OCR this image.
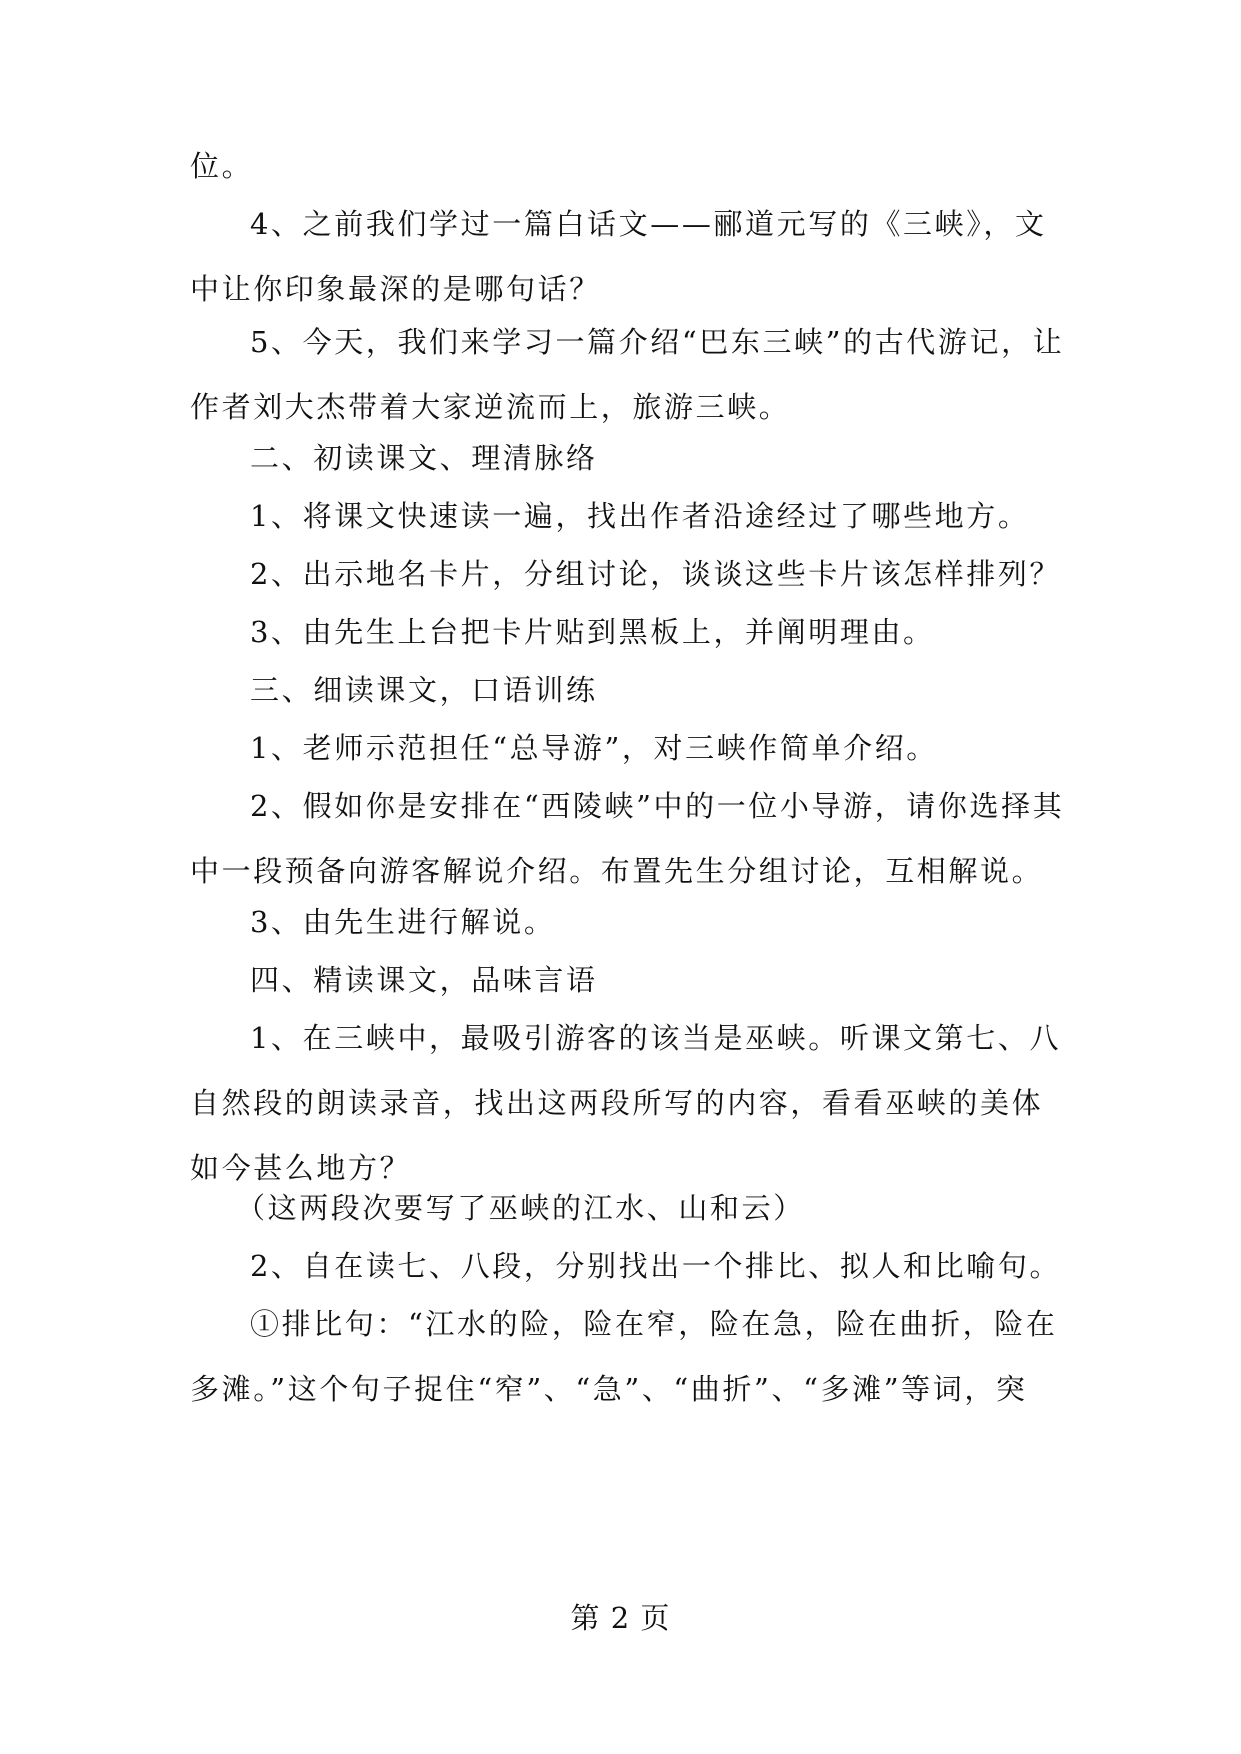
位。

4、之前我们学过一篇白话文——郦道元写的《三峡》，文中让你印象最深的是哪句话？

5、今天，我们来学习一篇介绍“巴东三峡”的古代游记，让作者刘大杰带着大家逆流而上，旅游三峡。

二、初读课文、理清脉络

1、将课文快速读一遍，找出作者沿途经过了哪些地方。

2、出示地名卡片，分组讨论，谈谈这些卡片该怎样排列？

3、由先生上台把卡片贴到黑板上，并阐明理由。

三、细读课文，口语训练

1、老师示范担任“总导游”，对三峡作简单介绍。

2、假如你是安排在“西陵峡”中的一位小导游，请你选择其中一段预备向游客解说介绍。布置先生分组讨论，互相解说。

3、由先生进行解说。

四、精读课文，品味言语

1、在三峡中，最吸引游客的该当是巫峡。听课文第七、八自然段的朗读录音，找出这两段所写的内容，看看巫峡的美体如今甚么地方？

（这两段次要写了巫峡的江水、山和云）

2、自在读七、八段，分别找出一个排比、拟人和比喻句。

①排比句：“江水的险，险在窄，险在急，险在曲折，险在多滩。”这个句子捉住“窄”、“急”、“曲折”、“多滩”等词，突

第 2 页
